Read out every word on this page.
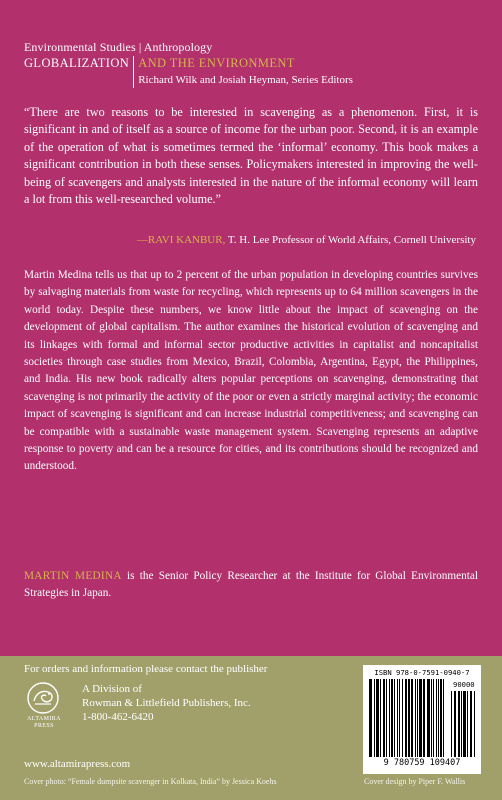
Environmental Studies | Anthropology
GLOBALIZATION AND THE ENVIRONMENT
Richard Wilk and Josiah Heyman, Series Editors
“There are two reasons to be interested in scavenging as a phenomenon. First, it is significant in and of itself as a source of income for the urban poor. Second, it is an example of the operation of what is sometimes termed the ‘informal’ economy. This book makes a significant contribution in both these senses. Policymakers interested in improving the well-being of scavengers and analysts interested in the nature of the informal economy will learn a lot from this well-researched volume.”
—RAVI KANBUR, T. H. Lee Professor of World Affairs, Cornell University
Martin Medina tells us that up to 2 percent of the urban population in developing countries survives by salvaging materials from waste for recycling, which represents up to 64 million scavengers in the world today. Despite these numbers, we know little about the impact of scavenging on the development of global capitalism. The author examines the historical evolution of scavenging and its linkages with formal and informal sector productive activities in capitalist and noncapitalist societies through case studies from Mexico, Brazil, Colombia, Argentina, Egypt, the Philippines, and India. His new book radically alters popular perceptions on scavenging, demonstrating that scavenging is not primarily the activity of the poor or even a strictly marginal activity; the economic impact of scavenging is significant and can increase industrial competitiveness; and scavenging can be compatible with a sustainable waste management system. Scavenging represents an adaptive response to poverty and can be a resource for cities, and its contributions should be recognized and understood.
MARTIN MEDINA is the Senior Policy Researcher at the Institute for Global Environmental Strategies in Japan.
For orders and information please contact the publisher
ALTAMIRA PRESS
A Division of
Rowman & Littlefield Publishers, Inc.
1-800-462-6420
www.altamirapress.com
Cover photo: “Female dumpsite scavenger in Kolkata, India” by Jessica Koehs
ISBN 978-0-7591-0940-7
90000
9 780759 109407
Cover design by Piper F. Wallis
